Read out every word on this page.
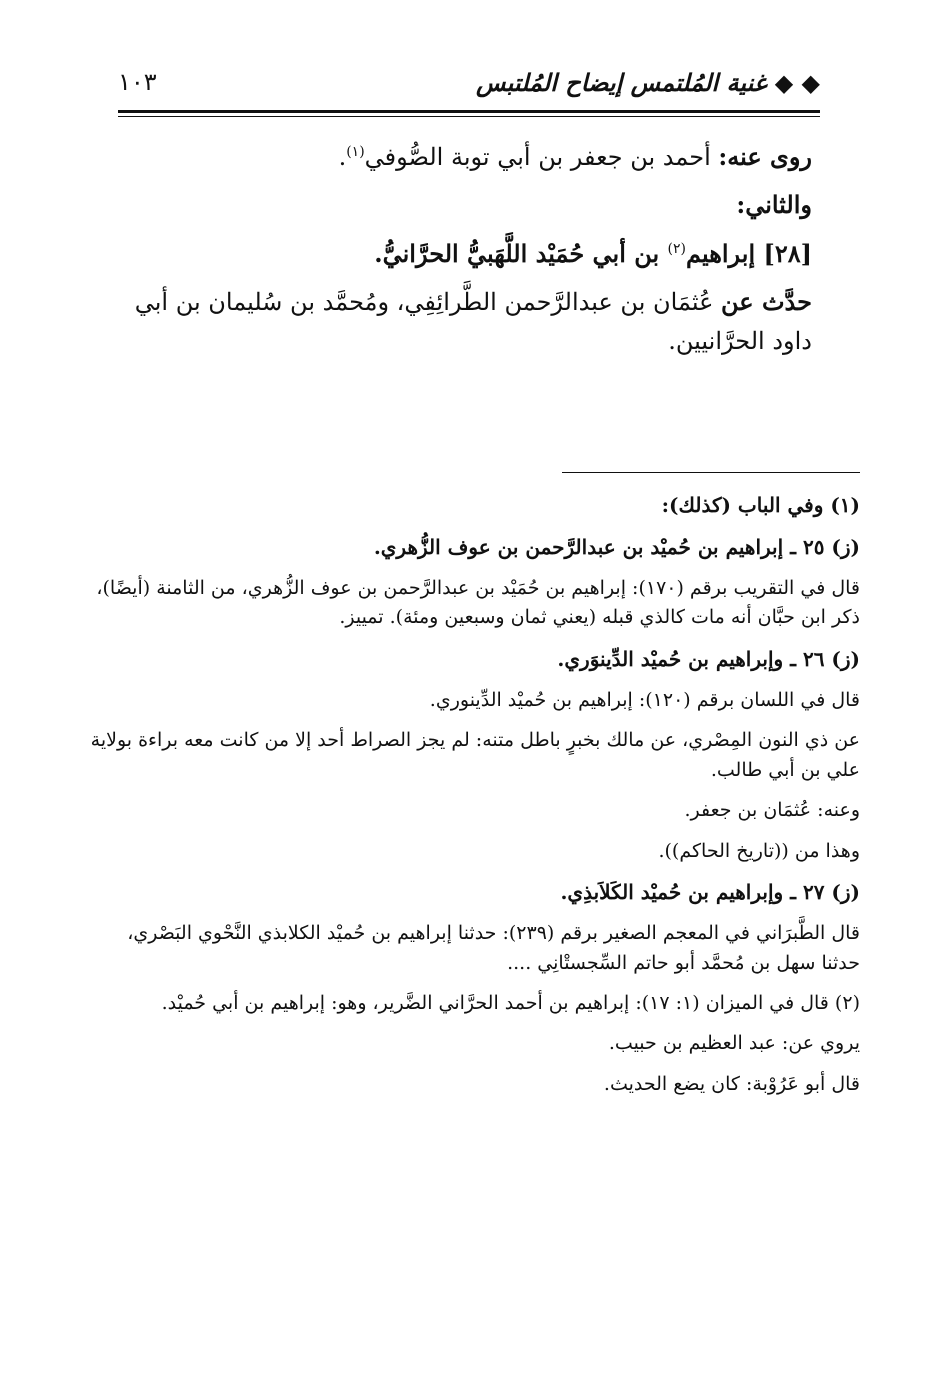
◆ ◆ غنية المُلتمس إيضاح المُلتبس
١٠٣

روى عنه: أحمد بن جعفر بن أبي توبة الصُّوفي$^{(١)}$.

والثاني:

[٢٨] إبراهيم$^{(٢)}$ بن أبي حُمَيْد اللَّهَبيُّ الحرَّانيُّ.

حدَّث عن عُثمَان بن عبدالرَّحمن الطَّرائِفِي، ومُحمَّد بن سُليمان بن أبي داود الحرَّانيين.

(١) وفي الباب (كذلك):

(ز) ٢٥ ـ إبراهيم بن حُميْد بن عبدالرَّحمن بن عوف الزُّهري.

قال في التقريب برقم (١٧٠): إبراهيم بن حُمَيْد بن عبدالرَّحمن بن عوف الزُّهري، من الثامنة (أيضًا)، ذكر ابن حبَّان أنه مات كالذي قبله (يعني ثمان وسبعين ومئة). تمييز.

(ز) ٢٦ ـ وإبراهيم بن حُميْد الدِّينوَري.

قال في اللسان برقم (١٢٠): إبراهيم بن حُميْد الدِّينوري.

عن ذي النون المِصْري، عن مالك بخبرٍ باطل متنه: لم يجز الصراط أحد إلا من كانت معه براءة بولاية علي بن أبي طالب.

وعنه: عُثمَان بن جعفر.

وهذا من ((تاريخ الحاكم)).

(ز) ٢٧ ـ وإبراهيم بن حُميْد الكَلاَبذِي.

قال الطَّبرَاني في المعجم الصغير برقم (٢٣٩): حدثنا إبراهيم بن حُميْد الكلابذي النَّحْوي البَصْري، حدثنا سهل بن مُحمَّد أبو حاتم السِّجستْانِي ....

(٢) قال في الميزان (١: ١٧): إبراهيم بن أحمد الحرَّاني الضَّرير، وهو: إبراهيم بن أبي حُميْد.

يروي عن: عبد العظيم بن حبيب.

قال أبو عَرُوْبة: كان يضع الحديث.
